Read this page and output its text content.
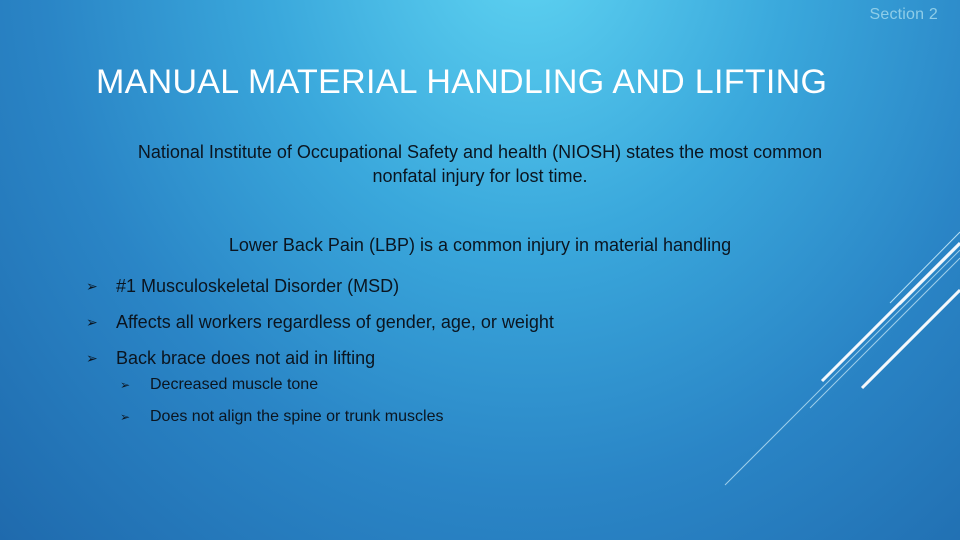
Section 2
MANUAL MATERIAL HANDLING AND LIFTING
National Institute of Occupational Safety and health (NIOSH) states the most common
nonfatal injury for lost time.
Lower Back Pain (LBP) is a common injury in material handling
➢	#1 Musculoskeletal Disorder (MSD)
➢	Affects all workers regardless of gender, age, or weight
➢	Back brace does not aid in lifting
➢	Decreased muscle tone
➢	Does not align the spine or trunk muscles
